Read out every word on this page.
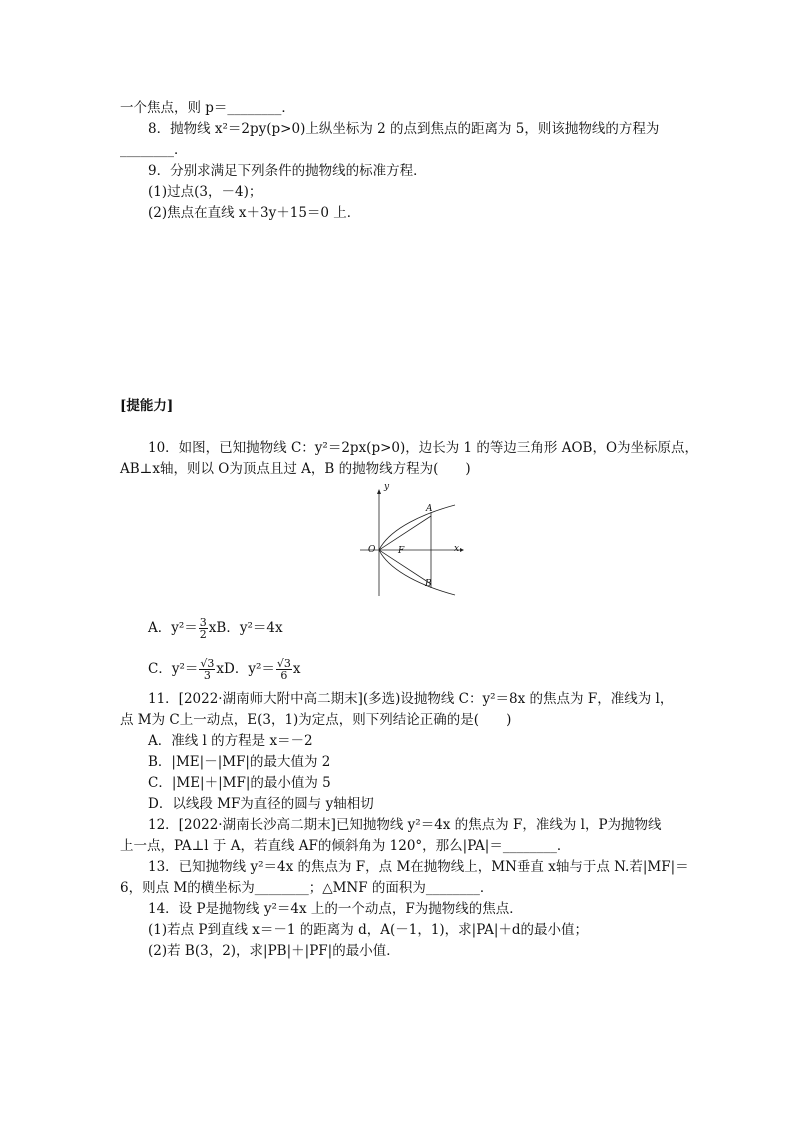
一个焦点，则 p＝________．
8．抛物线 x²＝2py(p>0)上纵坐标为 2 的点到焦点的距离为 5，则该抛物线的方程为
________．
9．分别求满足下列条件的抛物线的标准方程．
(1)过点(3，－4)；
(2)焦点在直线 x＋3y＋15＝0 上．
[提能力]
10．如图，已知抛物线 C：y²＝2px(p>0)，边长为 1 的等边三角形 AOB，O为坐标原点，
AB⊥x轴，则以 O为顶点且过 A，B 的抛物线方程为(　　)
y
x
O	F
A
B
A．$y^2= \frac{3}{2}$ xB．y²＝4x
C．$y^2= \frac{√3}{3}$ xD．$y^2= \frac{√3}{6}$ x
11．[2022·湖南师大附中高二期末](多选)设抛物线 C：y²＝8x 的焦点为 F，准线为 l，
点 M为 C上一动点，E(3，1)为定点，则下列结论正确的是(　　)
A．准线 l 的方程是 x＝－2
B．|ME|－|MF|的最大值为 2
C．|ME|＋|MF|的最小值为 5
D．以线段 MF为直径的圆与 y轴相切
12．[2022·湖南长沙高二期末]已知抛物线 y²＝4x 的焦点为 F，准线为 l，P为抛物线
上一点，PA⊥l 于 A，若直线 AF的倾斜角为 120°，那么|PA|＝________．
13．已知抛物线 y²＝4x 的焦点为 F，点 M在抛物线上，MN垂直 x轴与于点 N.若|MF|＝
6，则点 M的横坐标为________；△MNF 的面积为________．
14．设 P是抛物线 y²＝4x 上的一个动点，F为抛物线的焦点．
(1)若点 P到直线 x＝－1 的距离为 d，A(－1，1)，求|PA|＋d的最小值；
(2)若 B(3，2)，求|PB|＋|PF|的最小值．
